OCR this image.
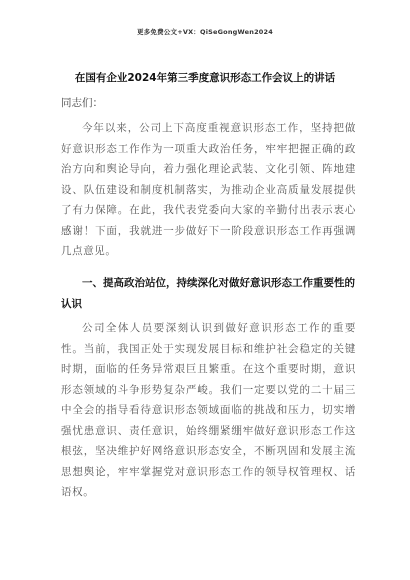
更多免费公文+VX：QiSeGongWen2024
在国有企业2024年第三季度意识形态工作会议上的讲话
同志们：

今年以来，公司上下高度重视意识形态工作，坚持把做好意识形态工作作为一项重大政治任务，牢牢把握正确的政治方向和舆论导向，着力强化理论武装、文化引领、阵地建设、队伍建设和制度机制落实，为推动企业高质量发展提供了有力保障。在此，我代表党委向大家的辛勤付出表示衷心感谢！下面，我就进一步做好下一阶段意识形态工作再强调几点意见。

一、提高政治站位，持续深化对做好意识形态工作重要性的认识

公司全体人员要深刻认识到做好意识形态工作的重要性。当前，我国正处于实现发展目标和维护社会稳定的关键时期，面临的任务异常艰巨且繁重。在这个重要时期，意识形态领域的斗争形势复杂严峻。我们一定要以党的二十届三中全会的指导看待意识形态领域面临的挑战和压力，切实增强忧患意识、责任意识，始终绷紧绷牢做好意识形态工作这根弦，坚决维护好网络意识形态安全，不断巩固和发展主流思想舆论，牢牢掌握党对意识形态工作的领导权管理权、话语权。
